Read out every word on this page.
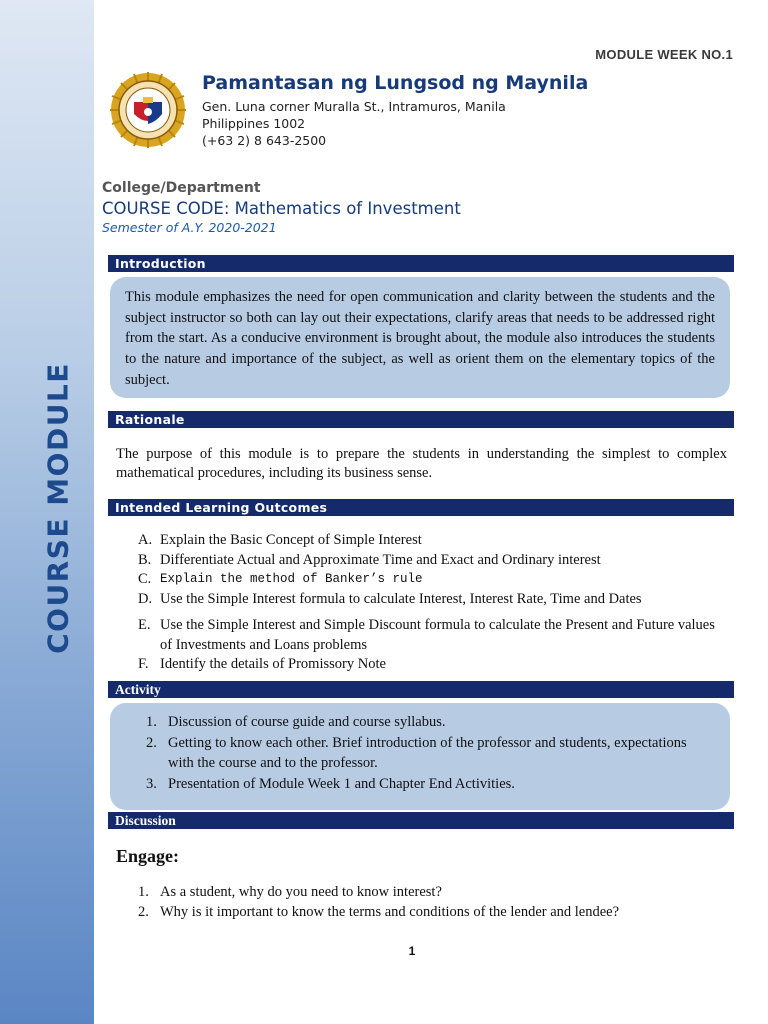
COURSE MODULE
MODULE WEEK NO.1
Pamantasan ng Lungsod ng Maynila
Gen. Luna corner Muralla St., Intramuros, Manila
Philippines 1002
(+63 2) 8 643-2500
College/Department
COURSE CODE: Mathematics of Investment
Semester of A.Y. 2020-2021
Introduction
This module emphasizes the need for open communication and clarity between the students and the subject instructor so both can lay out their expectations, clarify areas that needs to be addressed right from the start. As a conducive environment is brought about, the module also introduces the students to the nature and importance of the subject, as well as orient them on the elementary topics of the subject.
Rationale
The purpose of this module is to prepare the students in understanding the simplest to complex mathematical procedures, including its business sense.
Intended Learning Outcomes
A. Explain the Basic Concept of Simple Interest
B. Differentiate Actual and Approximate Time and Exact and Ordinary interest
C. Explain the method of Banker’s rule
D. Use the Simple Interest formula to calculate Interest, Interest Rate, Time and Dates
E. Use the Simple Interest and Simple Discount formula to calculate the Present and Future values of Investments and Loans problems
F. Identify the details of Promissory Note
Activity
1. Discussion of course guide and course syllabus.
2. Getting to know each other. Brief introduction of the professor and students, expectations with the course and to the professor.
3. Presentation of Module Week 1 and Chapter End Activities.
Discussion
Engage:
1. As a student, why do you need to know interest?
2. Why is it important to know the terms and conditions of the lender and lendee?
1
